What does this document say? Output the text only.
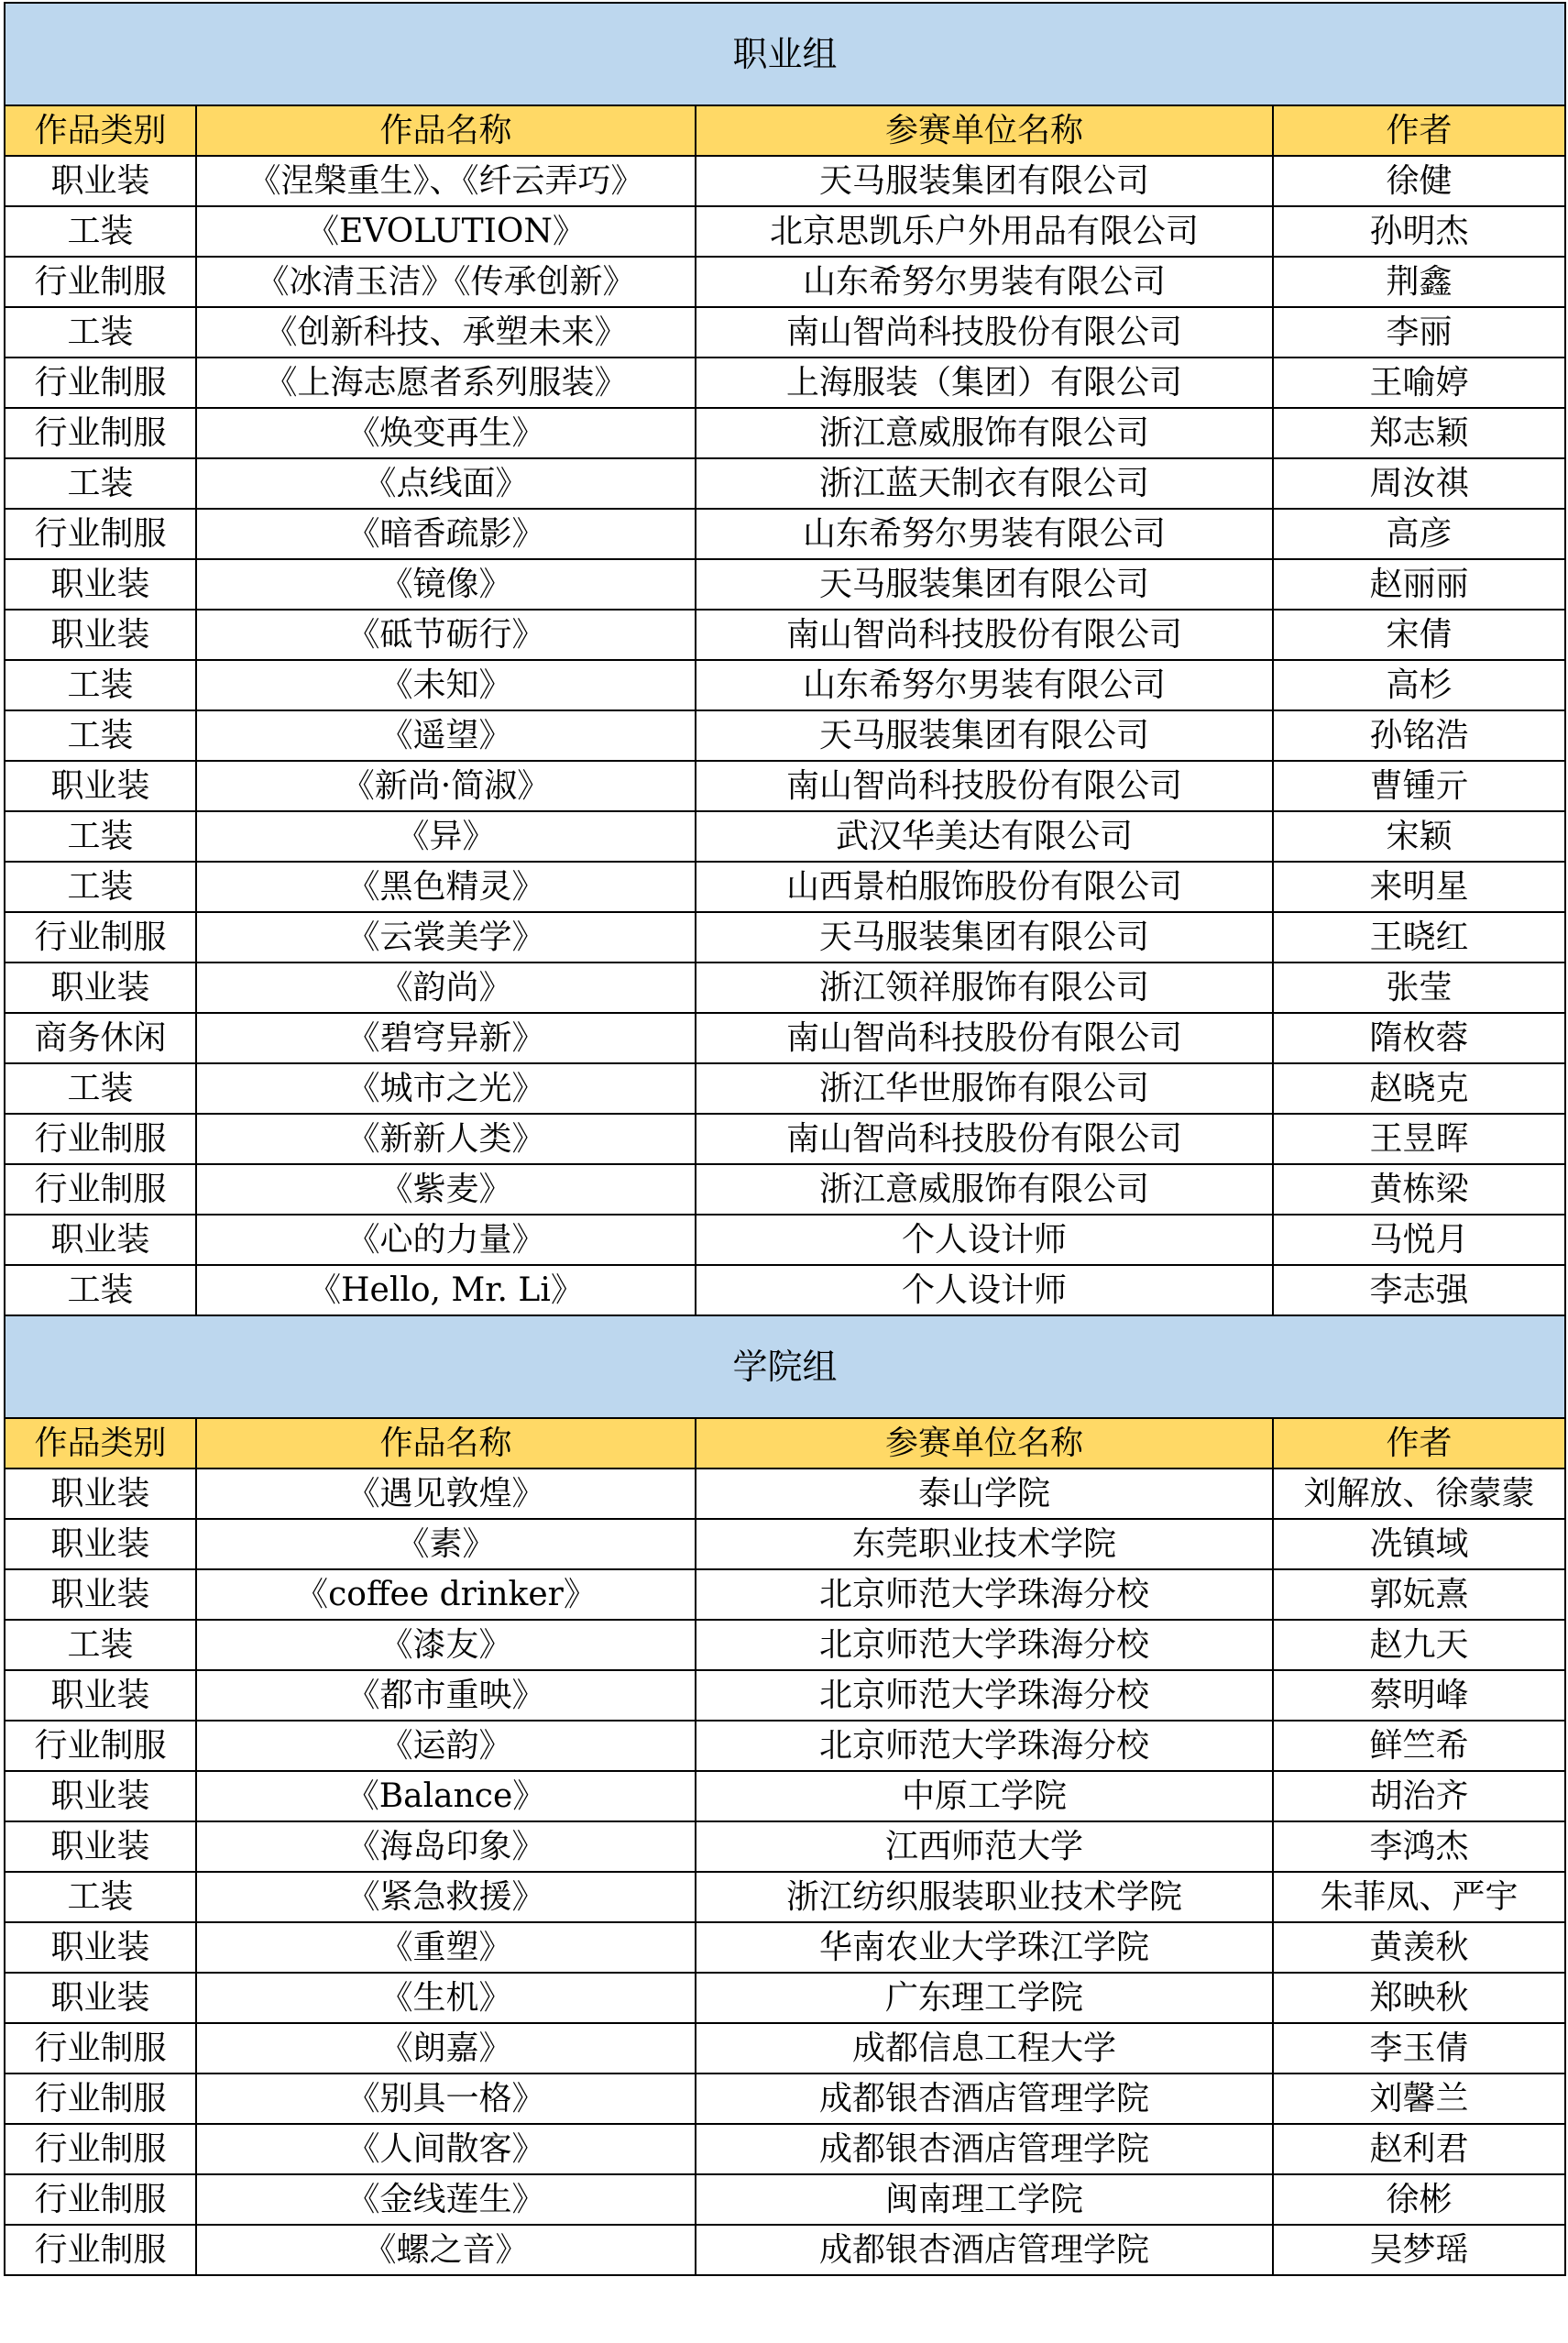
职业组			
作品类别	作品名称	参赛单位名称	作者
职业装	《涅槃重生》、《纤云弄巧》	天马服装集团有限公司	徐健
工装	《EVOLUTION》	北京思凯乐户外用品有限公司	孙明杰
行业制服	《冰清玉洁》《传承创新》	山东希努尔男装有限公司	荆鑫
工装	《创新科技、承塑未来》	南山智尚科技股份有限公司	李丽
行业制服	《上海志愿者系列服装》	上海服装（集团）有限公司	王喻婷
行业制服	《焕变再生》	浙江意威服饰有限公司	郑志颖
工装	《点线面》	浙江蓝天制衣有限公司	周汝祺
行业制服	《暗香疏影》	山东希努尔男装有限公司	高彦
职业装	《镜像》	天马服装集团有限公司	赵丽丽
职业装	《砥节砺行》	南山智尚科技股份有限公司	宋倩
工装	《未知》	山东希努尔男装有限公司	高杉
工装	《遥望》	天马服装集团有限公司	孙铭浩
职业装	《新尚·简淑》	南山智尚科技股份有限公司	曹锺亓
工装	《异》	武汉华美达有限公司	宋颖
工装	《黑色精灵》	山西景柏服饰股份有限公司	来明星
行业制服	《云裳美学》	天马服装集团有限公司	王晓红
职业装	《韵尚》	浙江领祥服饰有限公司	张莹
商务休闲	《碧穹异新》	南山智尚科技股份有限公司	隋枚蓉
工装	《城市之光》	浙江华世服饰有限公司	赵晓克
行业制服	《新新人类》	南山智尚科技股份有限公司	王昱晖
行业制服	《紫麦》	浙江意威服饰有限公司	黄栋梁
职业装	《心的力量》	个人设计师	马悦月
工装	《Hello, Mr. Li》	个人设计师	李志强
学院组			
作品类别	作品名称	参赛单位名称	作者
职业装	《遇见敦煌》	泰山学院	刘解放、徐蒙蒙
职业装	《素》	东莞职业技术学院	冼镇域
职业装	《coffee drinker》	北京师范大学珠海分校	郭妧熹
工装	《漆友》	北京师范大学珠海分校	赵九天
职业装	《都市重映》	北京师范大学珠海分校	蔡明峰
行业制服	《运韵》	北京师范大学珠海分校	鲜竺希
职业装	《Balance》	中原工学院	胡治齐
职业装	《海岛印象》	江西师范大学	李鸿杰
工装	《紧急救援》	浙江纺织服装职业技术学院	朱菲凤、严宇
职业装	《重塑》	华南农业大学珠江学院	黄羡秋
职业装	《生机》	广东理工学院	郑映秋
行业制服	《朗嘉》	成都信息工程大学	李玉倩
行业制服	《别具一格》	成都银杏酒店管理学院	刘馨兰
行业制服	《人间散客》	成都银杏酒店管理学院	赵利君
行业制服	《金线莲生》	闽南理工学院	徐彬
行业制服	《螺之音》	成都银杏酒店管理学院	吴梦瑶
